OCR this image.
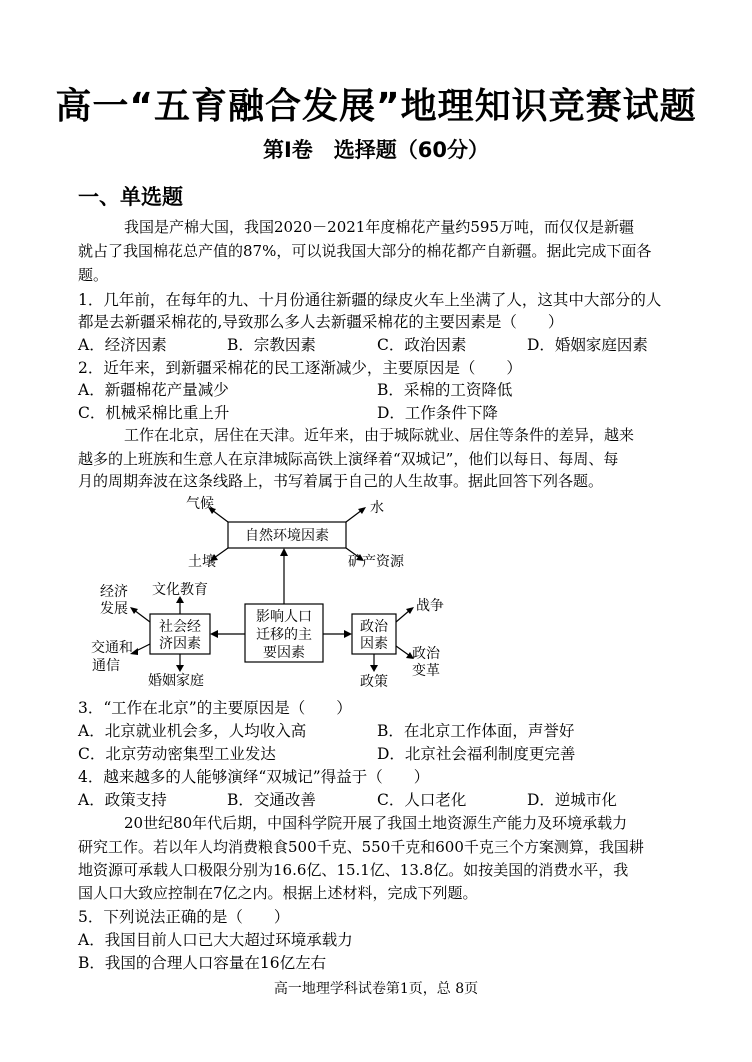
高一“五育融合发展”地理知识竞赛试题
第Ⅰ卷　选择题（60分）
一、单选题
我国是产棉大国，我国2020－2021年度棉花产量约595万吨，而仅仅是新疆
就占了我国棉花总产值的87%，可以说我国大部分的棉花都产自新疆。据此完成下面各
题。
1．几年前，在每年的九、十月份通往新疆的绿皮火车上坐满了人，这其中大部分的人
都是去新疆采棉花的,导致那么多人去新疆采棉花的主要因素是（　　）
A．经济因素	B．宗教因素	C．政治因素	D．婚姻家庭因素
2．近年来，到新疆采棉花的民工逐渐减少，主要原因是（　　）
A．新疆棉花产量减少	B．采棉的工资降低
C．机械采棉比重上升	D．工作条件下降
工作在北京，居住在天津。近年来，由于城际就业、居住等条件的差异，越来
越多的上班族和生意人在京津城际高铁上演绎着“双城记”，他们以每日、每周、每
月的周期奔波在这条线路上，书写着属于自己的人生故事。据此回答下列各题。
自然环境因素
气候	水
土壤	矿产资源
影响人口
迁移的主
要因素
社会经
济因素
经济
发展
文化教育
交通和
通信
婚姻家庭
政治
因素
战争
政治
变革
政策
3．“工作在北京”的主要原因是（　　）
A．北京就业机会多，人均收入高	B．在北京工作体面，声誉好
C．北京劳动密集型工业发达	D．北京社会福利制度更完善
4．越来越多的人能够演绎“双城记”得益于（　　）
A．政策支持	B．交通改善	C．人口老化	D．逆城市化
20世纪80年代后期，中国科学院开展了我国土地资源生产能力及环境承载力
研究工作。若以年人均消费粮食500千克、550千克和600千克三个方案测算，我国耕
地资源可承载人口极限分别为16.6亿、15.1亿、13.8亿。如按美国的消费水平，我
国人口大致应控制在7亿之内。根据上述材料，完成下列题。
5．下列说法正确的是（　　）
A．我国目前人口已大大超过环境承载力
B．我国的合理人口容量在16亿左右
高一地理学科试卷第1页，总 8页
